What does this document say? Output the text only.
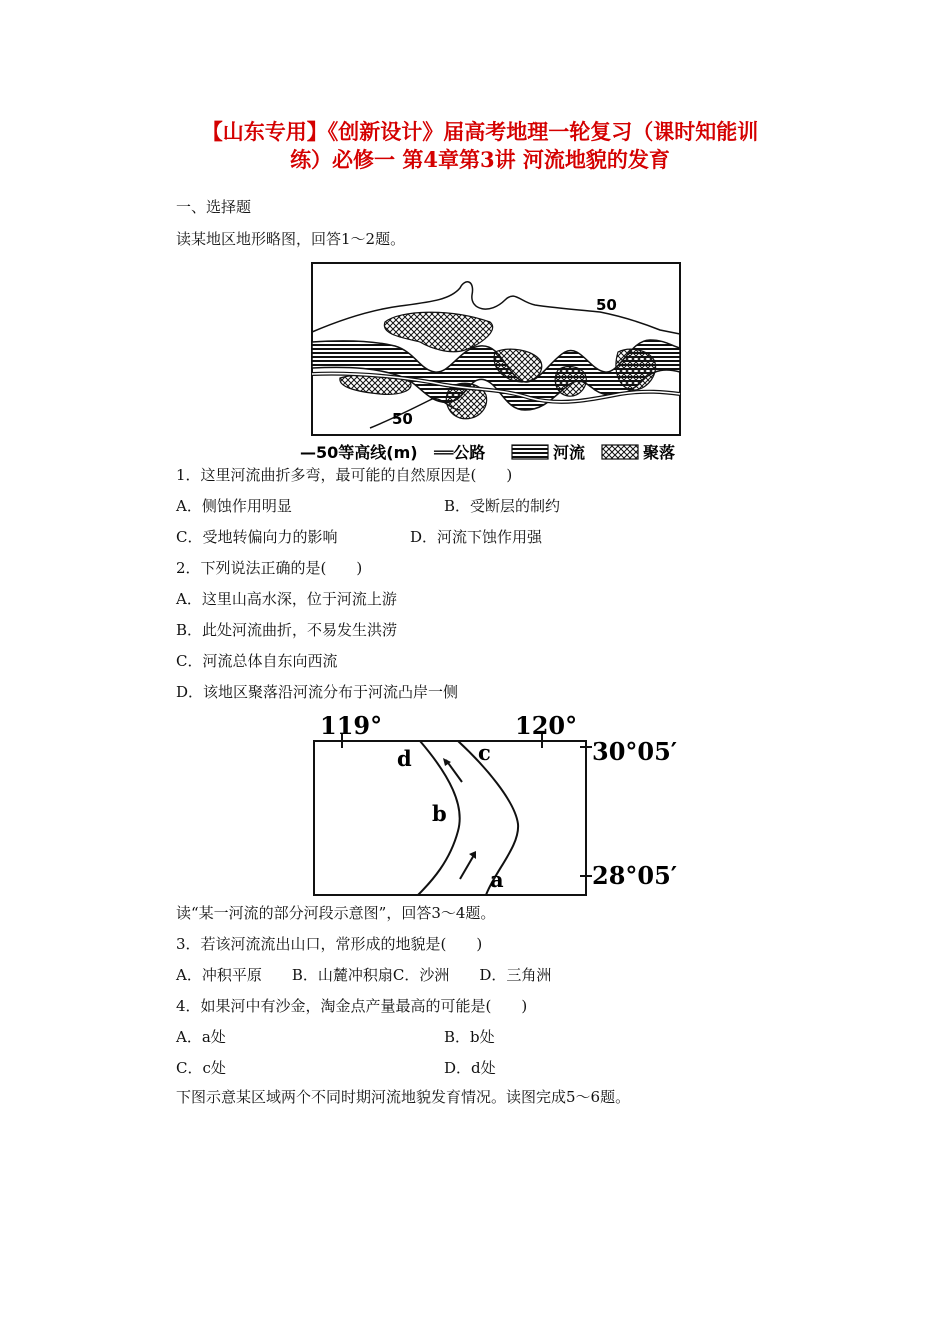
【山东专用】《创新设计》届高考地理一轮复习（课时知能训
练）必修一 第4章第3讲 河流地貌的发育
一、选择题
读某地区地形略图，回答1～2题。
50
50
—50等高线(m) ══公路	河流	聚落
1．这里河流曲折多弯，最可能的自然原因是(　　)
A．侧蚀作用明显	B．受断层的制约
C．受地转偏向力的影响	D．河流下蚀作用强
2．下列说法正确的是(　　)
A．这里山高水深，位于河流上游
B．此处河流曲折，不易发生洪涝
C．河流总体自东向西流
D．该地区聚落沿河流分布于河流凸岸一侧
119°	120°
30°05′
28°05′
d	c
b
a
读“某一河流的部分河段示意图”，回答3～4题。
3．若该河流流出山口，常形成的地貌是(　　)
A．冲积平原　　B．山麓冲积扇C．沙洲　　D．三角洲
4．如果河中有沙金，淘金点产量最高的可能是(　　)
A．a处	B．b处
C．c处	D．d处
下图示意某区域两个不同时期河流地貌发育情况。读图完成5～6题。
